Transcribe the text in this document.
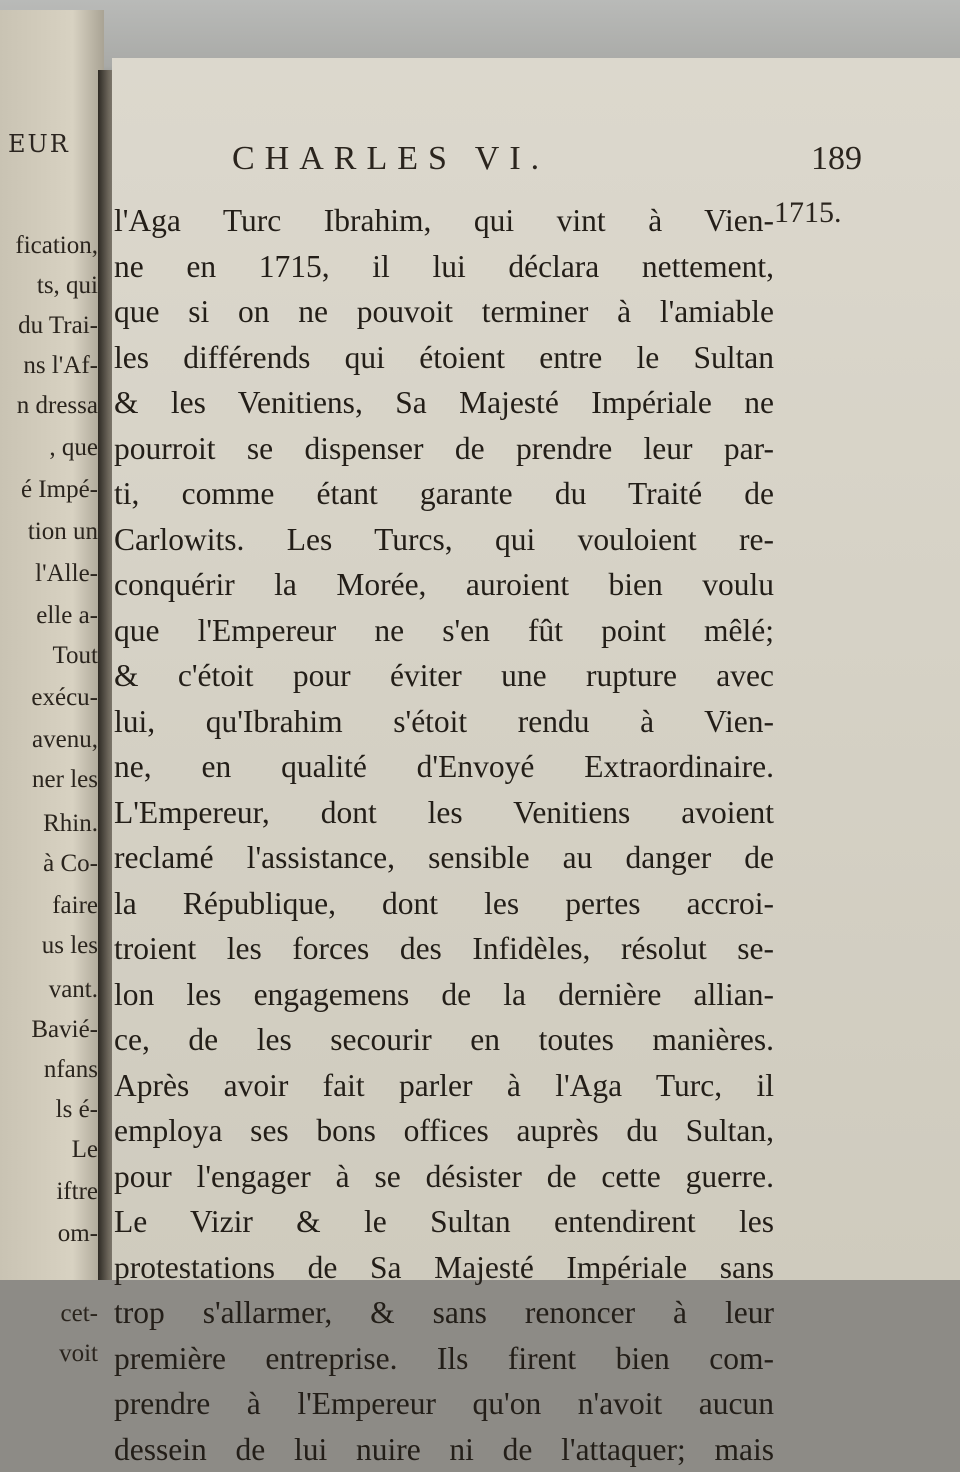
EUR
fication,
ts, qui
du Trai-
ns l'Af-
n dressa
, que
é Impé-
tion un
l'Alle-
elle a-
Tout
exécu-
avenu,
ner les
Rhin.
à Co-
faire
us les
vant.
Bavié-
nfans
ls é-
Le
iftre
om-
cet-
voit
CHARLES VI.	189
1715.
l'Aga Turc Ibrahim, qui vint à Vien-
ne en 1715, il lui déclara nettement,
que si on ne pouvoit terminer à l'amiable
les différends qui étoient entre le Sultan
& les Venitiens, Sa Majesté Impériale ne
pourroit se dispenser de prendre leur par-
ti, comme étant garante du Traité de
Carlowits. Les Turcs, qui vouloient re-
conquérir la Morée, auroient bien voulu
que l'Empereur ne s'en fût point mêlé;
& c'étoit pour éviter une rupture avec
lui, qu'Ibrahim s'étoit rendu à Vien-
ne, en qualité d'Envoyé Extraordinaire.
L'Empereur, dont les Venitiens avoient
reclamé l'assistance, sensible au danger de
la République, dont les pertes accroi-
troient les forces des Infidèles, résolut se-
lon les engagemens de la dernière allian-
ce, de les secourir en toutes manières.
Après avoir fait parler à l'Aga Turc, il
employa ses bons offices auprès du Sultan,
pour l'engager à se désister de cette guerre.
Le Vizir & le Sultan entendirent les
protestations de Sa Majesté Impériale sans
trop s'allarmer, & sans renoncer à leur
première entreprise. Ils firent bien com-
prendre à l'Empereur qu'on n'avoit aucun
dessein de lui nuire ni de l'attaquer; mais
